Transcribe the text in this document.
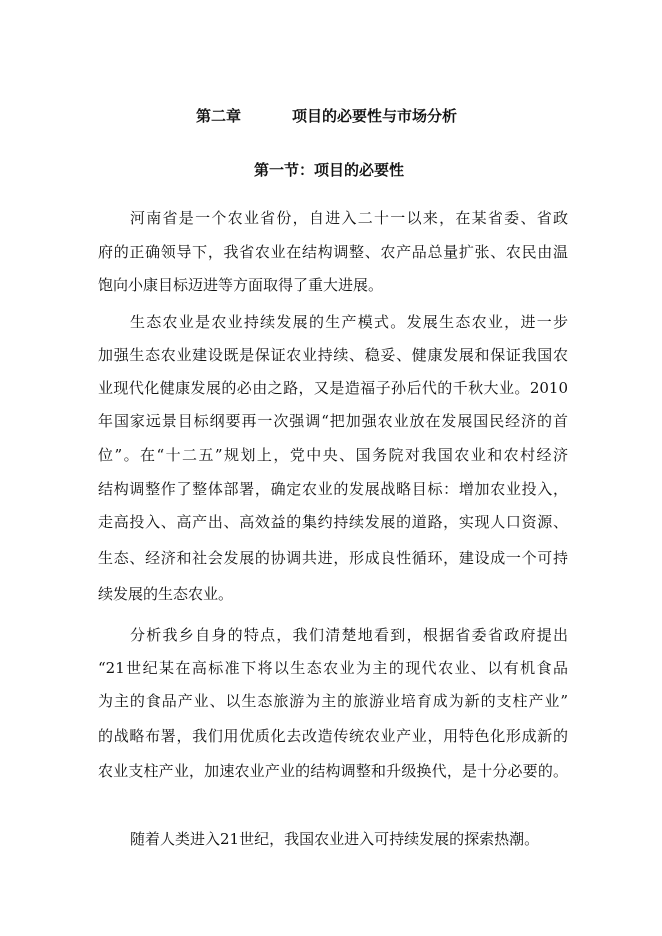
第二章	项目的必要性与市场分析
第一节：项目的必要性
河南省是一个农业省份，自进入二十一以来，在某省委、省政
府的正确领导下，我省农业在结构调整、农产品总量扩张、农民由温
饱向小康目标迈进等方面取得了重大进展。
生态农业是农业持续发展的生产模式。发展生态农业，进一步
加强生态农业建设既是保证农业持续、稳妥、健康发展和保证我国农
业现代化健康发展的必由之路，又是造福子孙后代的千秋大业。2010
年国家远景目标纲要再一次强调“把加强农业放在发展国民经济的首
位”。在“十二五”规划上，党中央、国务院对我国农业和农村经济
结构调整作了整体部署，确定农业的发展战略目标：增加农业投入，
走高投入、高产出、高效益的集约持续发展的道路，实现人口资源、
生态、经济和社会发展的协调共进，形成良性循环，建设成一个可持
续发展的生态农业。
分析我乡自身的特点，我们清楚地看到，根据省委省政府提出
“21世纪某在高标准下将以生态农业为主的现代农业、以有机食品
为主的食品产业、以生态旅游为主的旅游业培育成为新的支柱产业”
的战略布署，我们用优质化去改造传统农业产业，用特色化形成新的
农业支柱产业，加速农业产业的结构调整和升级换代，是十分必要的。
随着人类进入21世纪，我国农业进入可持续发展的探索热潮。
